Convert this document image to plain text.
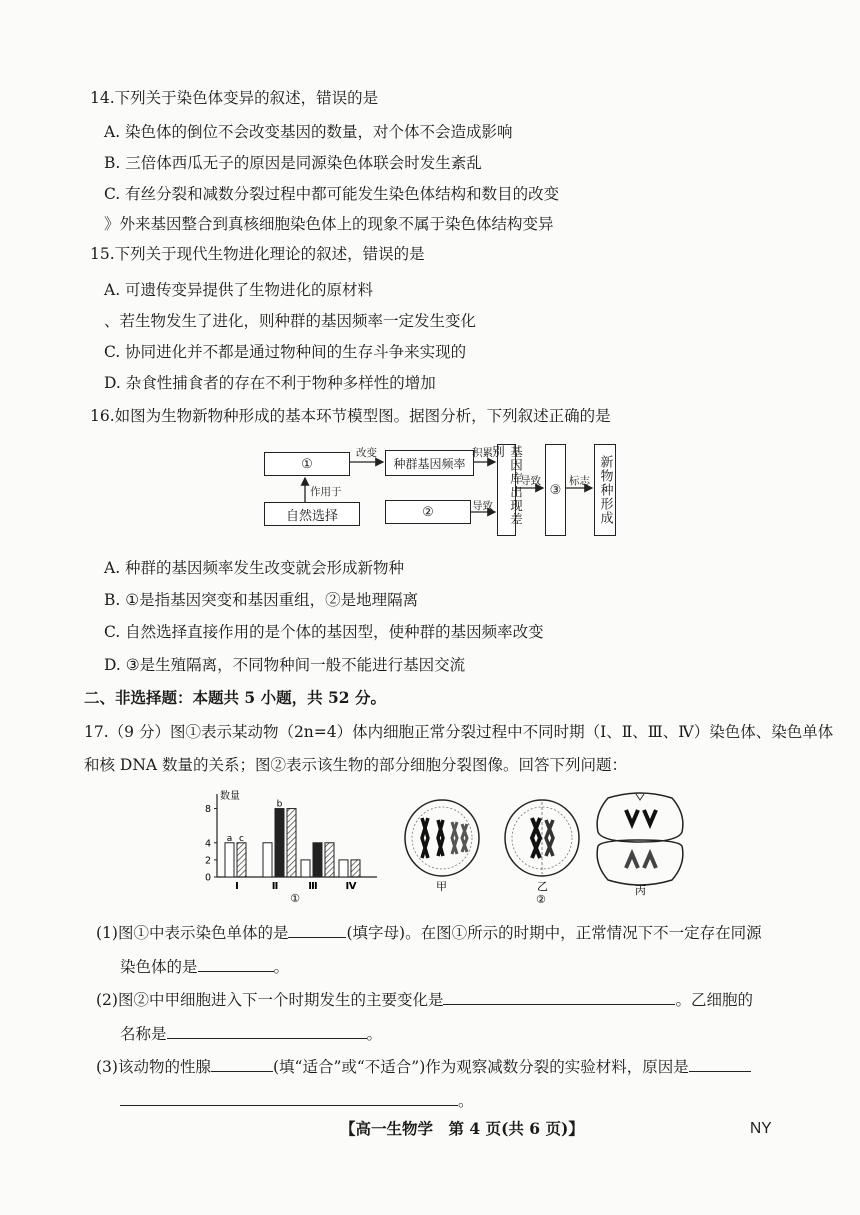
14.下列关于染色体变异的叙述，错误的是
A. 染色体的倒位不会改变基因的数量，对个体不会造成影响
B. 三倍体西瓜无子的原因是同源染色体联会时发生紊乱
C. 有丝分裂和减数分裂过程中都可能发生染色体结构和数目的改变
》外来基因整合到真核细胞染色体上的现象不属于染色体结构变异
15.下列关于现代生物进化理论的叙述，错误的是
A. 可遗传变异提供了生物进化的原材料
、若生物发生了进化，则种群的基因频率一定发生变化
C. 协同进化并不都是通过物种间的生存斗争来实现的
D. 杂食性捕食者的存在不利于物种多样性的增加
16.如图为生物新物种形成的基本环节模型图。据图分析，下列叙述正确的是
①
自然选择
作用于
改变
种群基因频率
积累
②	导致	基因库出现差别
导致
③
标志 新物种形成
A. 种群的基因频率发生改变就会形成新物种
B. ①是指基因突变和基因重组，②是地理隔离
C. 自然选择直接作用的是个体的基因型，使种群的基因频率改变
D. ③是生殖隔离，不同物种间一般不能进行基因交流
二、非选择题：本题共 5 小题，共 52 分。
17.（9 分）图①表示某动物（2n=4）体内细胞正常分裂过程中不同时期（Ⅰ、Ⅱ、Ⅲ、Ⅳ）染色体、染色单体
和核 DNA 数量的关系；图②表示该生物的部分细胞分裂图像。回答下列问题：
数量
0
2
4
8
Ⅰ
a c
Ⅱ
b
Ⅲ	Ⅳ
①
甲	乙	丙
②
(1)图①中表示染色单体的是	(填字母)。在图①所示的时期中，正常情况下不一定存在同源
染色体的是	。
(2)图②中甲细胞进入下一个时期发生的主要变化是	。乙细胞的
名称是	。
(3)该动物的性腺	(填“适合”或“不适合”)作为观察减数分裂的实验材料，原因是
。
【高一生物学　第 4 页(共 6 页)】	NY
